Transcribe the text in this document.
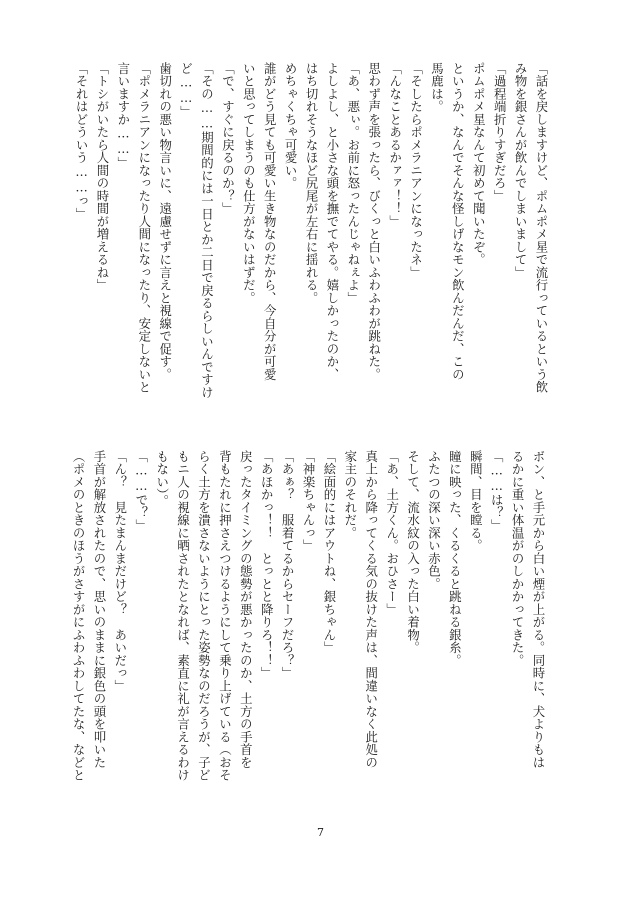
「話を戻しますけど、ポムポメ星で流行っているという飲
み物を銀さんが飲んでしまいまして」
「過程端折りすぎだろ」
ポムポメ星なんて初めて聞いたぞ。
というか、なんでそんな怪しげなモン飲んだんだ、この
馬鹿は。
「そしたらポメラニアンになったネ」
「んなことあるかァァ！！」
思わず声を張ったら、びくっと白いふわふわが跳ねた。
「あ、悪ぃ。お前に怒ったんじゃねぇよ」
よしよし、と小さな頭を撫でてやる。嬉しかったのか、
はち切れそうなほど尻尾が左右に揺れる。
めちゃくちゃ可愛い。
誰がどう見ても可愛い生き物なのだから、今自分が可愛
いと思ってしまうのも仕方がないはずだ。
「で、すぐに戻るのか？」
「その……期間的には一日とか二日で戻るらしいんですけ
ど……」
歯切れの悪い物言いに、遠慮せずに言えと視線で促す。
「ポメラニアンになったり人間になったり、安定しないと
言いますか……」
「トシがいたら人間の時間が増えるね」
「それはどういう……っ」
ボン、と手元から白い煙が上がる。同時に、犬よりもは
るかに重い体温がのしかかってきた。
「……は？」
瞬間、目を瞠る。
瞳に映った、くるくると跳ねる銀糸。
ふたつの深い深い赤色。
そして、流水紋の入った白い着物。
「あ、土方くん。おひさー」
真上から降ってくる気の抜けた声は、間違いなく此処の
家主のそれだ。
「絵面的にはアウトね、銀ちゃん」
「神楽ちゃんっ」
「あぁ？　服着てるからセーフだろ？」
「あほかっ！！　とっとと降りろ！！」
戻ったタイミングの態勢が悪かったのか、土方の手首を
背もたれに押さえつけるようにして乗り上げている（おそ
らく土方を潰さないようにとった姿勢なのだろうが、子ど
もニ人の視線に晒されたとなれば、素直に礼が言えるわけ
もない）。
「……で？」
「ん？　見たまんまだけど？　あいだっ」
手首が解放されたので、思いのままに銀色の頭を叩いた
（ポメのときのほうがさすがにふわふわしてたな、などと
7
